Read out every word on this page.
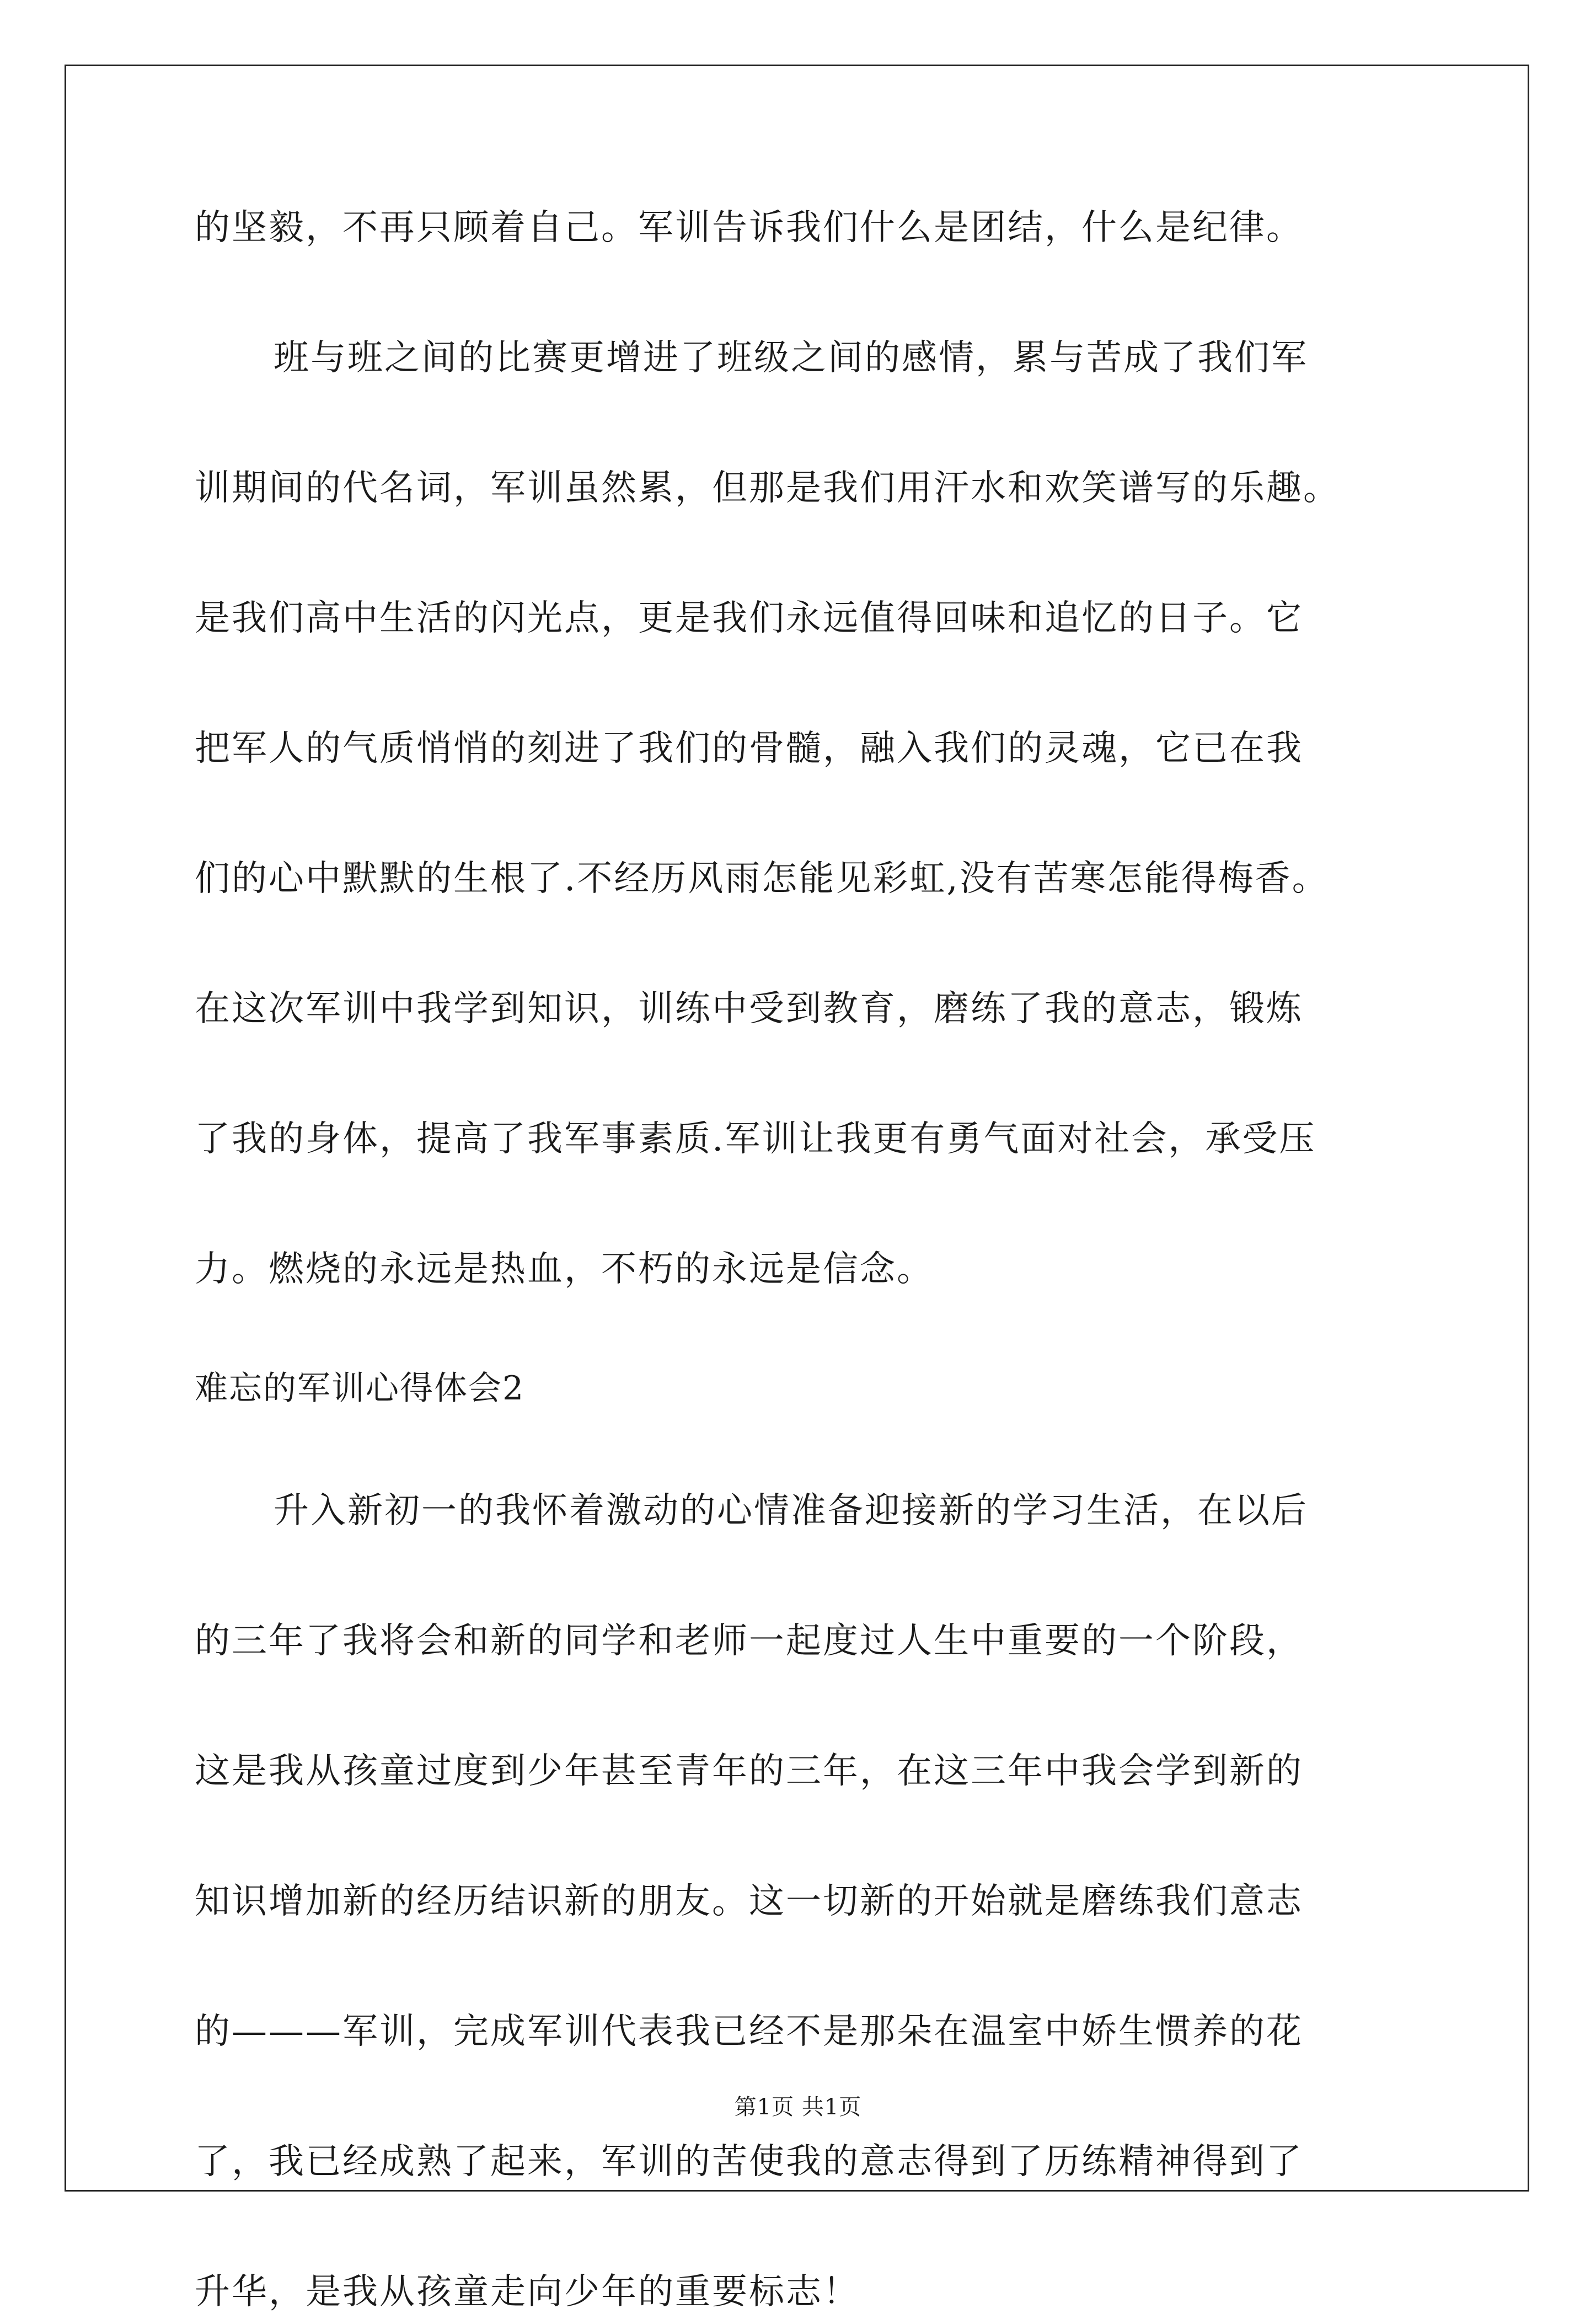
的坚毅，不再只顾着自己。军训告诉我们什么是团结，什么是纪律。
班与班之间的比赛更增进了班级之间的感情，累与苦成了我们军
训期间的代名词，军训虽然累，但那是我们用汗水和欢笑谱写的乐趣。
是我们高中生活的闪光点，更是我们永远值得回味和追忆的日子。它
把军人的气质悄悄的刻进了我们的骨髓，融入我们的灵魂，它已在我
们的心中默默的生根了.不经历风雨怎能见彩虹,没有苦寒怎能得梅香。
在这次军训中我学到知识，训练中受到教育，磨练了我的意志，锻炼
了我的身体，提高了我军事素质.军训让我更有勇气面对社会，承受压
力。燃烧的永远是热血，不朽的永远是信念。
难忘的军训心得体会2
升入新初一的我怀着激动的心情准备迎接新的学习生活，在以后
的三年了我将会和新的同学和老师一起度过人生中重要的一个阶段，
这是我从孩童过度到少年甚至青年的三年，在这三年中我会学到新的
知识增加新的经历结识新的朋友。这一切新的开始就是磨练我们意志
的———军训，完成军训代表我已经不是那朵在温室中娇生惯养的花
了，我已经成熟了起来，军训的苦使我的意志得到了历练精神得到了
升华，是我从孩童走向少年的重要标志！
第1页 共1页
